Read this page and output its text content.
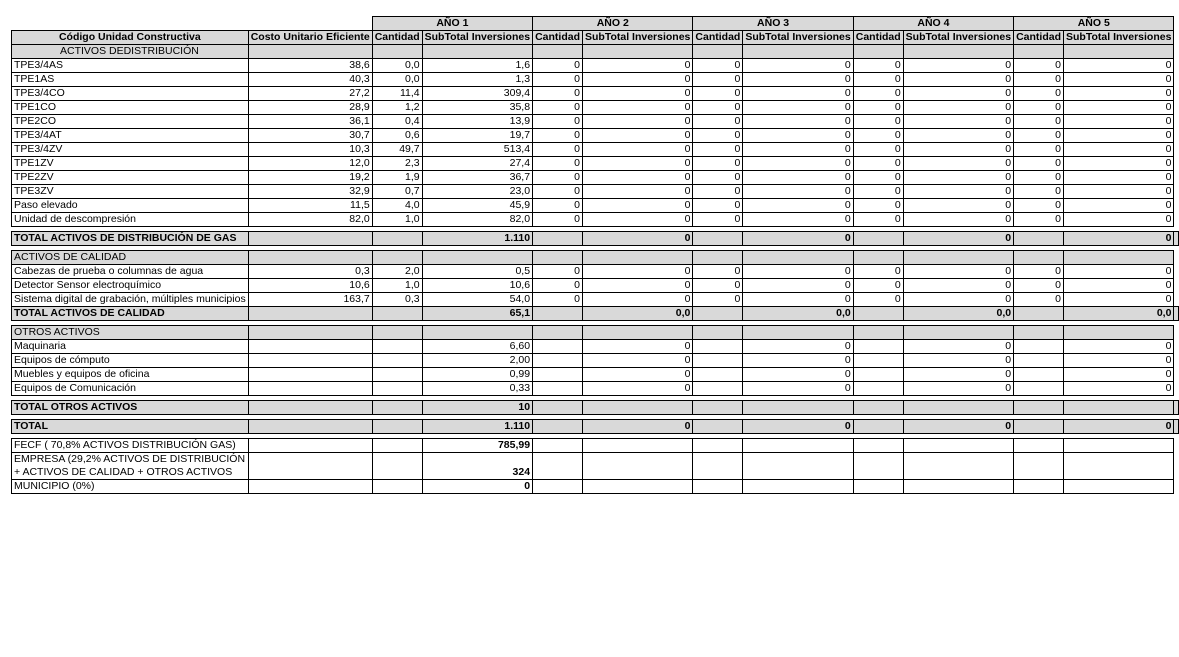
		AÑO 1		AÑO 2		AÑO 3		AÑO 4		AÑO 5		
Código Unidad Constructiva	Costo Unitario Eficiente	Cantidad	SubTotal Inversiones	Cantidad	SubTotal Inversiones	Cantidad	SubTotal Inversiones	Cantidad	SubTotal Inversiones	Cantidad	SubTotal Inversiones	
ACTIVOS DEDISTRIBUCIÓN												
TPE3/4AS	38,6	0,0	1,6	0	0	0	0	0	0	0	0	
TPE1AS	40,3	0,0	1,3	0	0	0	0	0	0	0	0	
TPE3/4CO	27,2	11,4	309,4	0	0	0	0	0	0	0	0	
TPE1CO	28,9	1,2	35,8	0	0	0	0	0	0	0	0	
TPE2CO	36,1	0,4	13,9	0	0	0	0	0	0	0	0	
TPE3/4AT	30,7	0,6	19,7	0	0	0	0	0	0	0	0	
TPE3/4ZV	10,3	49,7	513,4	0	0	0	0	0	0	0	0	
TPE1ZV	12,0	2,3	27,4	0	0	0	0	0	0	0	0	
TPE2ZV	19,2	1,9	36,7	0	0	0	0	0	0	0	0	
TPE3ZV	32,9	0,7	23,0	0	0	0	0	0	0	0	0	
Paso elevado	11,5	4,0	45,9	0	0	0	0	0	0	0	0	
Unidad de descompresión	82,0	1,0	82,0	0	0	0	0	0	0	0	0	

TOTAL ACTIVOS DE DISTRIBUCIÓN DE GAS			1.110		0		0		0		0	

ACTIVOS DE CALIDAD												
Cabezas de prueba o columnas de agua	0,3	2,0	0,5	0	0	0	0	0	0	0	0	
Detector Sensor electroquímico	10,6	1,0	10,6	0	0	0	0	0	0	0	0	
Sistema digital de grabación, múltiples municipios	163,7	0,3	54,0	0	0	0	0	0	0	0	0	
TOTAL ACTIVOS DE CALIDAD			65,1		0,0		0,0		0,0		0,0	

OTROS ACTIVOS												
Maquinaria			6,60		0		0		0		0	
Equipos de cómputo			2,00		0		0		0		0	
Muebles y equipos de oficina			0,99		0		0		0		0	
Equipos de Comunicación			0,33		0		0		0		0	

TOTAL OTROS ACTIVOS			10									

TOTAL			1.110		0		0		0		0	

FECF ( 70,8% ACTIVOS DISTRIBUCIÓN GAS)			785,99									
EMPRESA (29,2% ACTIVOS DE DISTRIBUCIÓN + ACTIVOS DE CALIDAD + OTROS ACTIVOS			324									
MUNICIPIO (0%)			0									
